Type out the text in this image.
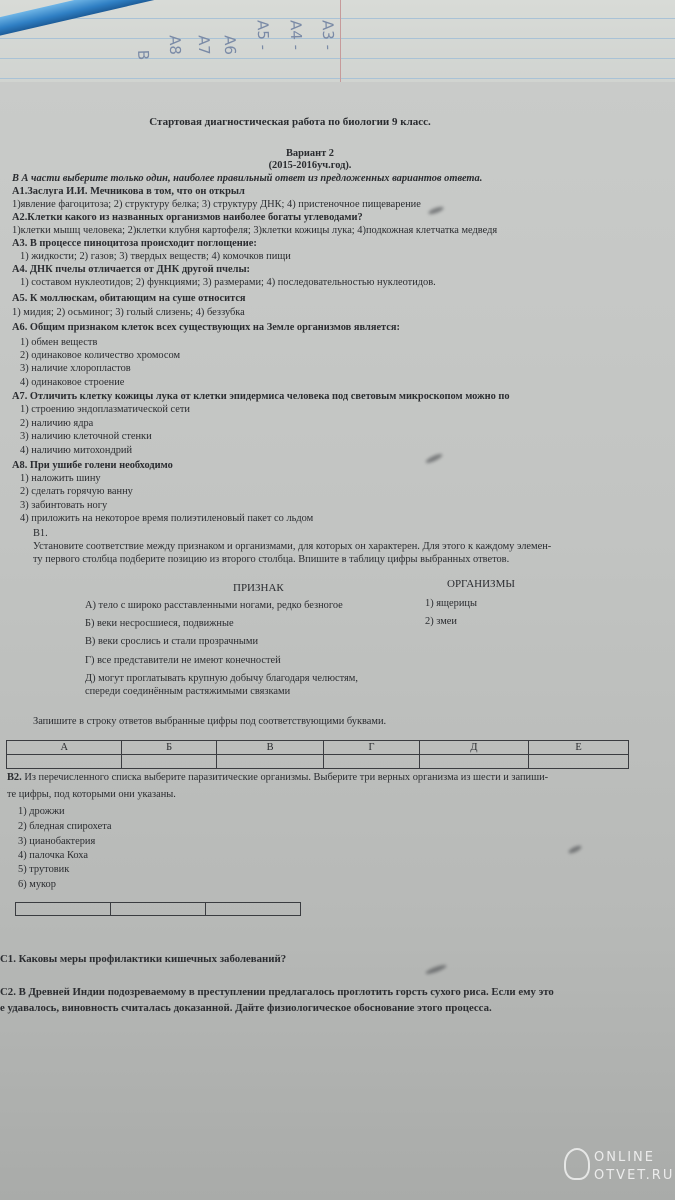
А3 -
А4 -
А5 -
А6
А7
А8
В
Стартовая диагностическая работа по биологии 9 класс.
Вариант 2
(2015-2016уч.год).
В А части выберите только один, наиболее правильный ответ из предложенных вариантов ответа.
А1.Заслуга И.И. Мечникова в том, что он открыл
1)явление фагоцитоза; 2) структуру белка; 3) структуру ДНК; 4) пристеночное пищеварение
А2.Клетки какого из названных организмов наиболее богаты углеводами?
1)клетки мышц человека; 2)клетки клубня картофеля; 3)клетки кожицы лука; 4)подкожная клетчатка медведя
А3. В процессе пиноцитоза происходит поглощение:
1) жидкости; 2) газов; 3) твердых веществ; 4) комочков пищи
А4. ДНК пчелы отличается от ДНК другой пчелы:
1) составом нуклеотидов; 2) функциями; 3) размерами; 4) последовательностью нуклеотидов.
А5. К моллюскам, обитающим на суше относится
1) мидия; 2) осьминог; 3) голый слизень; 4) беззубка
А6. Общим признаком клеток всех существующих на Земле организмов является:
1) обмен веществ
2) одинаковое количество хромосом
3) наличие хлоропластов
4) одинаковое строение
А7. Отличить клетку кожицы лука от клетки эпидермиса человека под световым микроскопом можно по
1) строению эндоплазматической сети
2) наличию ядра
3) наличию клеточной стенки
4) наличию митохондрий
А8. При ушибе голени необходимо
1) наложить шину
2) сделать горячую ванну
3) забинтовать ногу
4) приложить на некоторое время полиэтиленовый пакет со льдом
В1.
Установите соответствие между признаком и организмами, для которых он характерен. Для этого к каждому элемен-
ту первого столбца подберите позицию из второго столбца. Впишите в таблицу цифры выбранных ответов.
ПРИЗНАК	ОРГАНИЗМЫ
А) тело с широко расставленными ногами, редко безногое
Б) веки несросшиеся, подвижные
В) веки срослись и стали прозрачными
Г) все представители не имеют конечностей
Д) могут проглатывать крупную добычу благодаря челюстям,
спереди соединённым растяжимыми связками
1) ящерицы
2) змеи
Запишите в строку ответов выбранные цифры под соответствующими буквами.
А	Б	В	Г	Д	Е

В2. Из перечисленного списка выберите паразитические организмы. Выберите три верных организма из шести и запиши-
те цифры, под которыми они указаны.
1) дрожжи
2) бледная спирохета
3) цианобактерия
4) палочка Коха
5) трутовик
6) мукор

С1. Каковы меры профилактики кишечных заболеваний?
С2. В Древней Индии подозреваемому в преступлении предлагалось проглотить горсть сухого риса. Если ему это
е удавалось, виновность считалась доказанной. Дайте физиологическое обоснование этого процесса.
ONLINE
OTVET.RU
